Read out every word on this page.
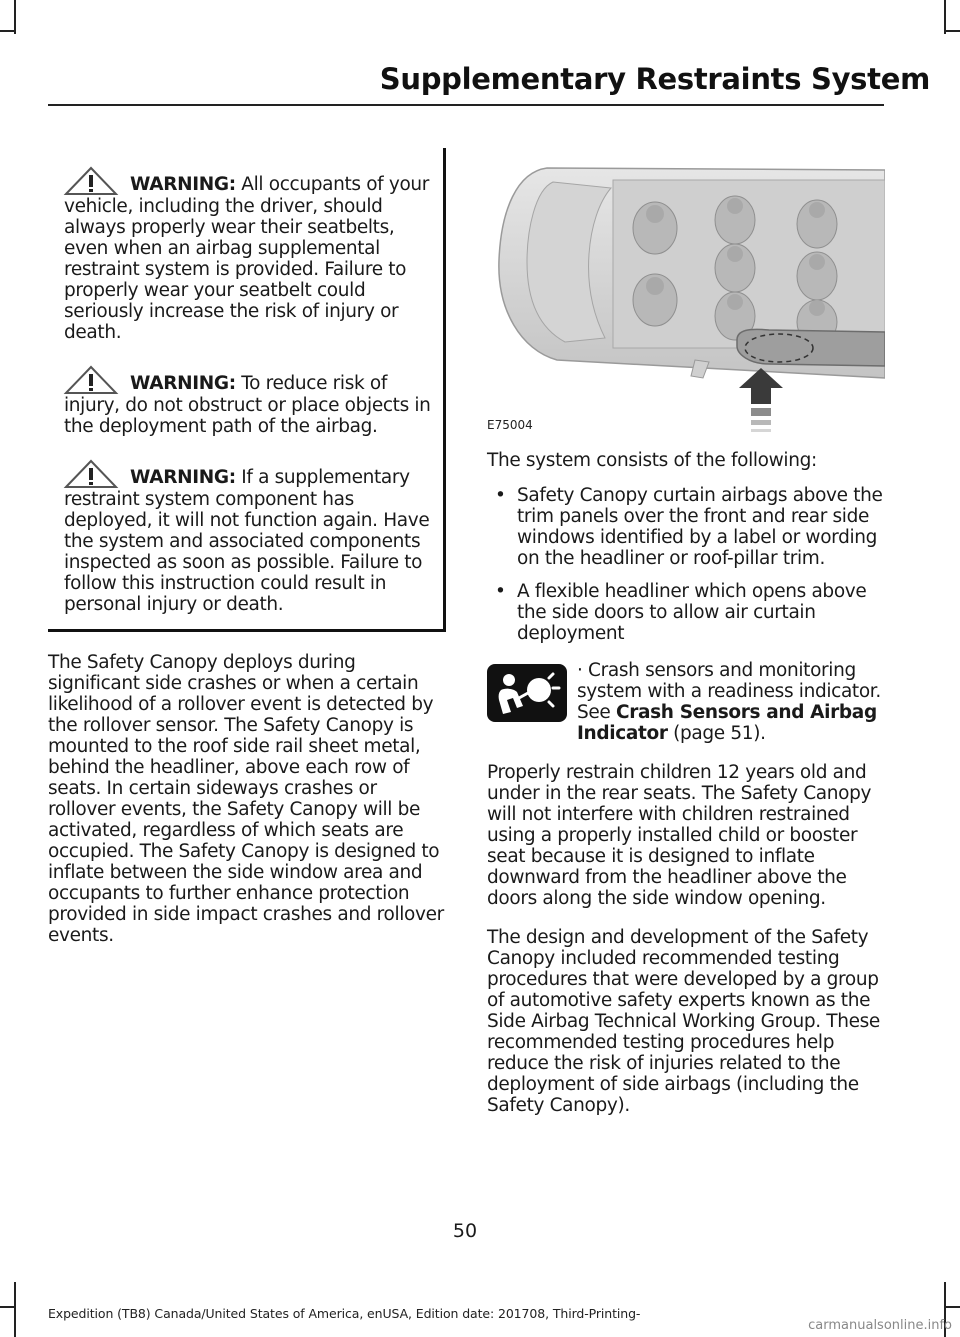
Supplementary Restraints System

WARNING: All occupants of your vehicle, including the driver, should always properly wear their seatbelts, even when an airbag supplemental restraint system is provided. Failure to properly wear your seatbelt could seriously increase the risk of injury or death.

WARNING: To reduce risk of injury, do not obstruct or place objects in the deployment path of the airbag.

WARNING: If a supplementary restraint system component has deployed, it will not function again. Have the system and associated components inspected as soon as possible. Failure to follow this instruction could result in personal injury or death.

The Safety Canopy deploys during significant side crashes or when a certain likelihood of a rollover event is detected by the rollover sensor. The Safety Canopy is mounted to the roof side rail sheet metal, behind the headliner, above each row of seats. In certain sideways crashes or rollover events, the Safety Canopy will be activated, regardless of which seats are occupied. The Safety Canopy is designed to inflate between the side window area and occupants to further enhance protection provided in side impact crashes and rollover events.

E75004

The system consists of the following:

• Safety Canopy curtain airbags above the trim panels over the front and rear side windows identified by a label or wording on the headliner or roof-pillar trim.
• A flexible headliner which opens above the side doors to allow air curtain deployment

· Crash sensors and monitoring system with a readiness indicator. See Crash Sensors and Airbag Indicator (page 51).

Properly restrain children 12 years old and under in the rear seats. The Safety Canopy will not interfere with children restrained using a properly installed child or booster seat because it is designed to inflate downward from the headliner above the doors along the side window opening.

The design and development of the Safety Canopy included recommended testing procedures that were developed by a group of automotive safety experts known as the Side Airbag Technical Working Group. These recommended testing procedures help reduce the risk of injuries related to the deployment of side airbags (including the Safety Canopy).

50
Expedition (TB8) Canada/United States of America, enUSA, Edition date: 201708, Third-Printing-
carmanualsonline.info
